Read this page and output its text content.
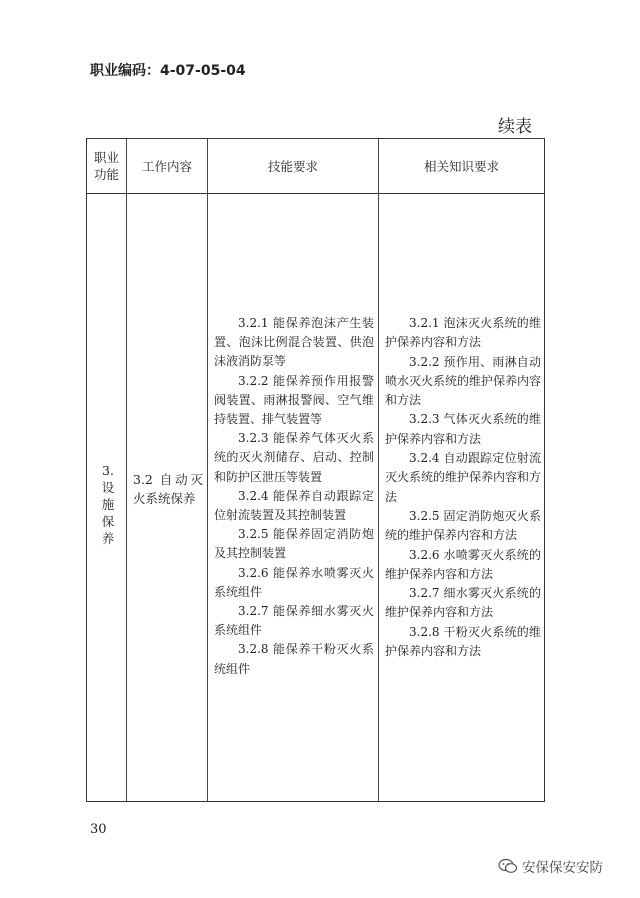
职业编码：4-07-05-04
续表
职业功能
工作内容	技能要求	相关知识要求
3. 设施保养
3.2 自动灭火系统保养
3.2.1 能保养泡沫产生装置、泡沫比例混合装置、供泡沫液消防泵等
3.2.2 能保养预作用报警阀装置、雨淋报警阀、空气维持装置、排气装置等
3.2.3 能保养气体灭火系统的灭火剂储存、启动、控制和防护区泄压等装置
3.2.4 能保养自动跟踪定位射流装置及其控制装置
3.2.5 能保养固定消防炮及其控制装置
3.2.6 能保养水喷雾灭火系统组件
3.2.7 能保养细水雾灭火系统组件
3.2.8 能保养干粉灭火系统组件
3.2.1 泡沫灭火系统的维护保养内容和方法
3.2.2 预作用、雨淋自动喷水灭火系统的维护保养内容和方法
3.2.3 气体灭火系统的维护保养内容和方法
3.2.4 自动跟踪定位射流灭火系统的维护保养内容和方法
3.2.5 固定消防炮灭火系统的维护保养内容和方法
3.2.6 水喷雾灭火系统的维护保养内容和方法
3.2.7 细水雾灭火系统的维护保养内容和方法
3.2.8 干粉灭火系统的维护保养内容和方法
30
安保保安安防
